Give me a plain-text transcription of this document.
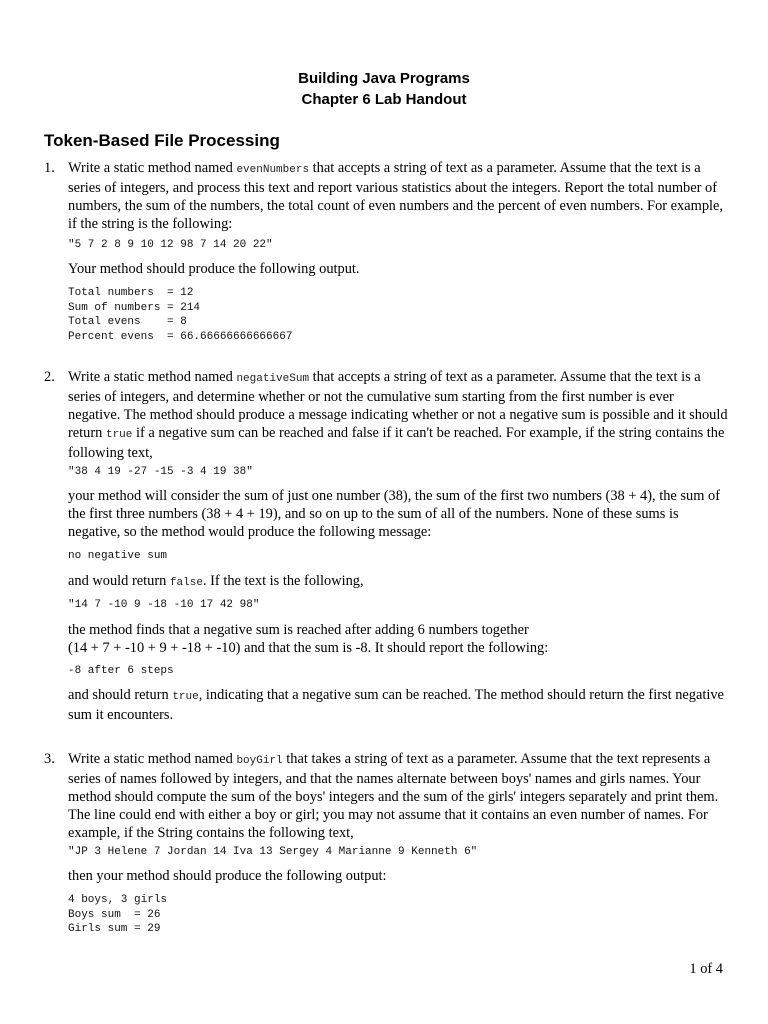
Building Java Programs
Chapter 6 Lab Handout
Token-Based File Processing
1. Write a static method named evenNumbers that accepts a string of text as a parameter. Assume that the text is a series of integers, and process this text and report various statistics about the integers. Report the total number of numbers, the sum of the numbers, the total count of even numbers and the percent of even numbers. For example, if the string is the following:
"5 7 2 8 9 10 12 98 7 14 20 22"
Your method should produce the following output.
Total numbers  = 12
Sum of numbers = 214
Total evens    = 8
Percent evens  = 66.66666666666667
2. Write a static method named negativeSum that accepts a string of text as a parameter. Assume that the text is a series of integers, and determine whether or not the cumulative sum starting from the first number is ever negative. The method should produce a message indicating whether or not a negative sum is possible and it should return true if a negative sum can be reached and false if it can't be reached. For example, if the string contains the following text,
"38 4 19 -27 -15 -3 4 19 38"
your method will consider the sum of just one number (38), the sum of the first two numbers (38 + 4), the sum of the first three numbers (38 + 4 + 19), and so on up to the sum of all of the numbers. None of these sums is negative, so the method would produce the following message:
no negative sum
and would return false. If the text is the following,
"14 7 -10 9 -18 -10 17 42 98"
the method finds that a negative sum is reached after adding 6 numbers together
(14 + 7 + -10 + 9 + -18 + -10) and that the sum is -8. It should report the following:
-8 after 6 steps
and should return true, indicating that a negative sum can be reached. The method should return the first negative sum it encounters.
3. Write a static method named boyGirl that takes a string of text as a parameter. Assume that the text represents a series of names followed by integers, and that the names alternate between boys' names and girls names. Your method should compute the sum of the boys' integers and the sum of the girls' integers separately and print them. The line could end with either a boy or girl; you may not assume that it contains an even number of names. For example, if the String contains the following text,
"JP 3 Helene 7 Jordan 14 Iva 13 Sergey 4 Marianne 9 Kenneth 6"
then your method should produce the following output:
4 boys, 3 girls
Boys sum  = 26
Girls sum = 29
1 of 4
